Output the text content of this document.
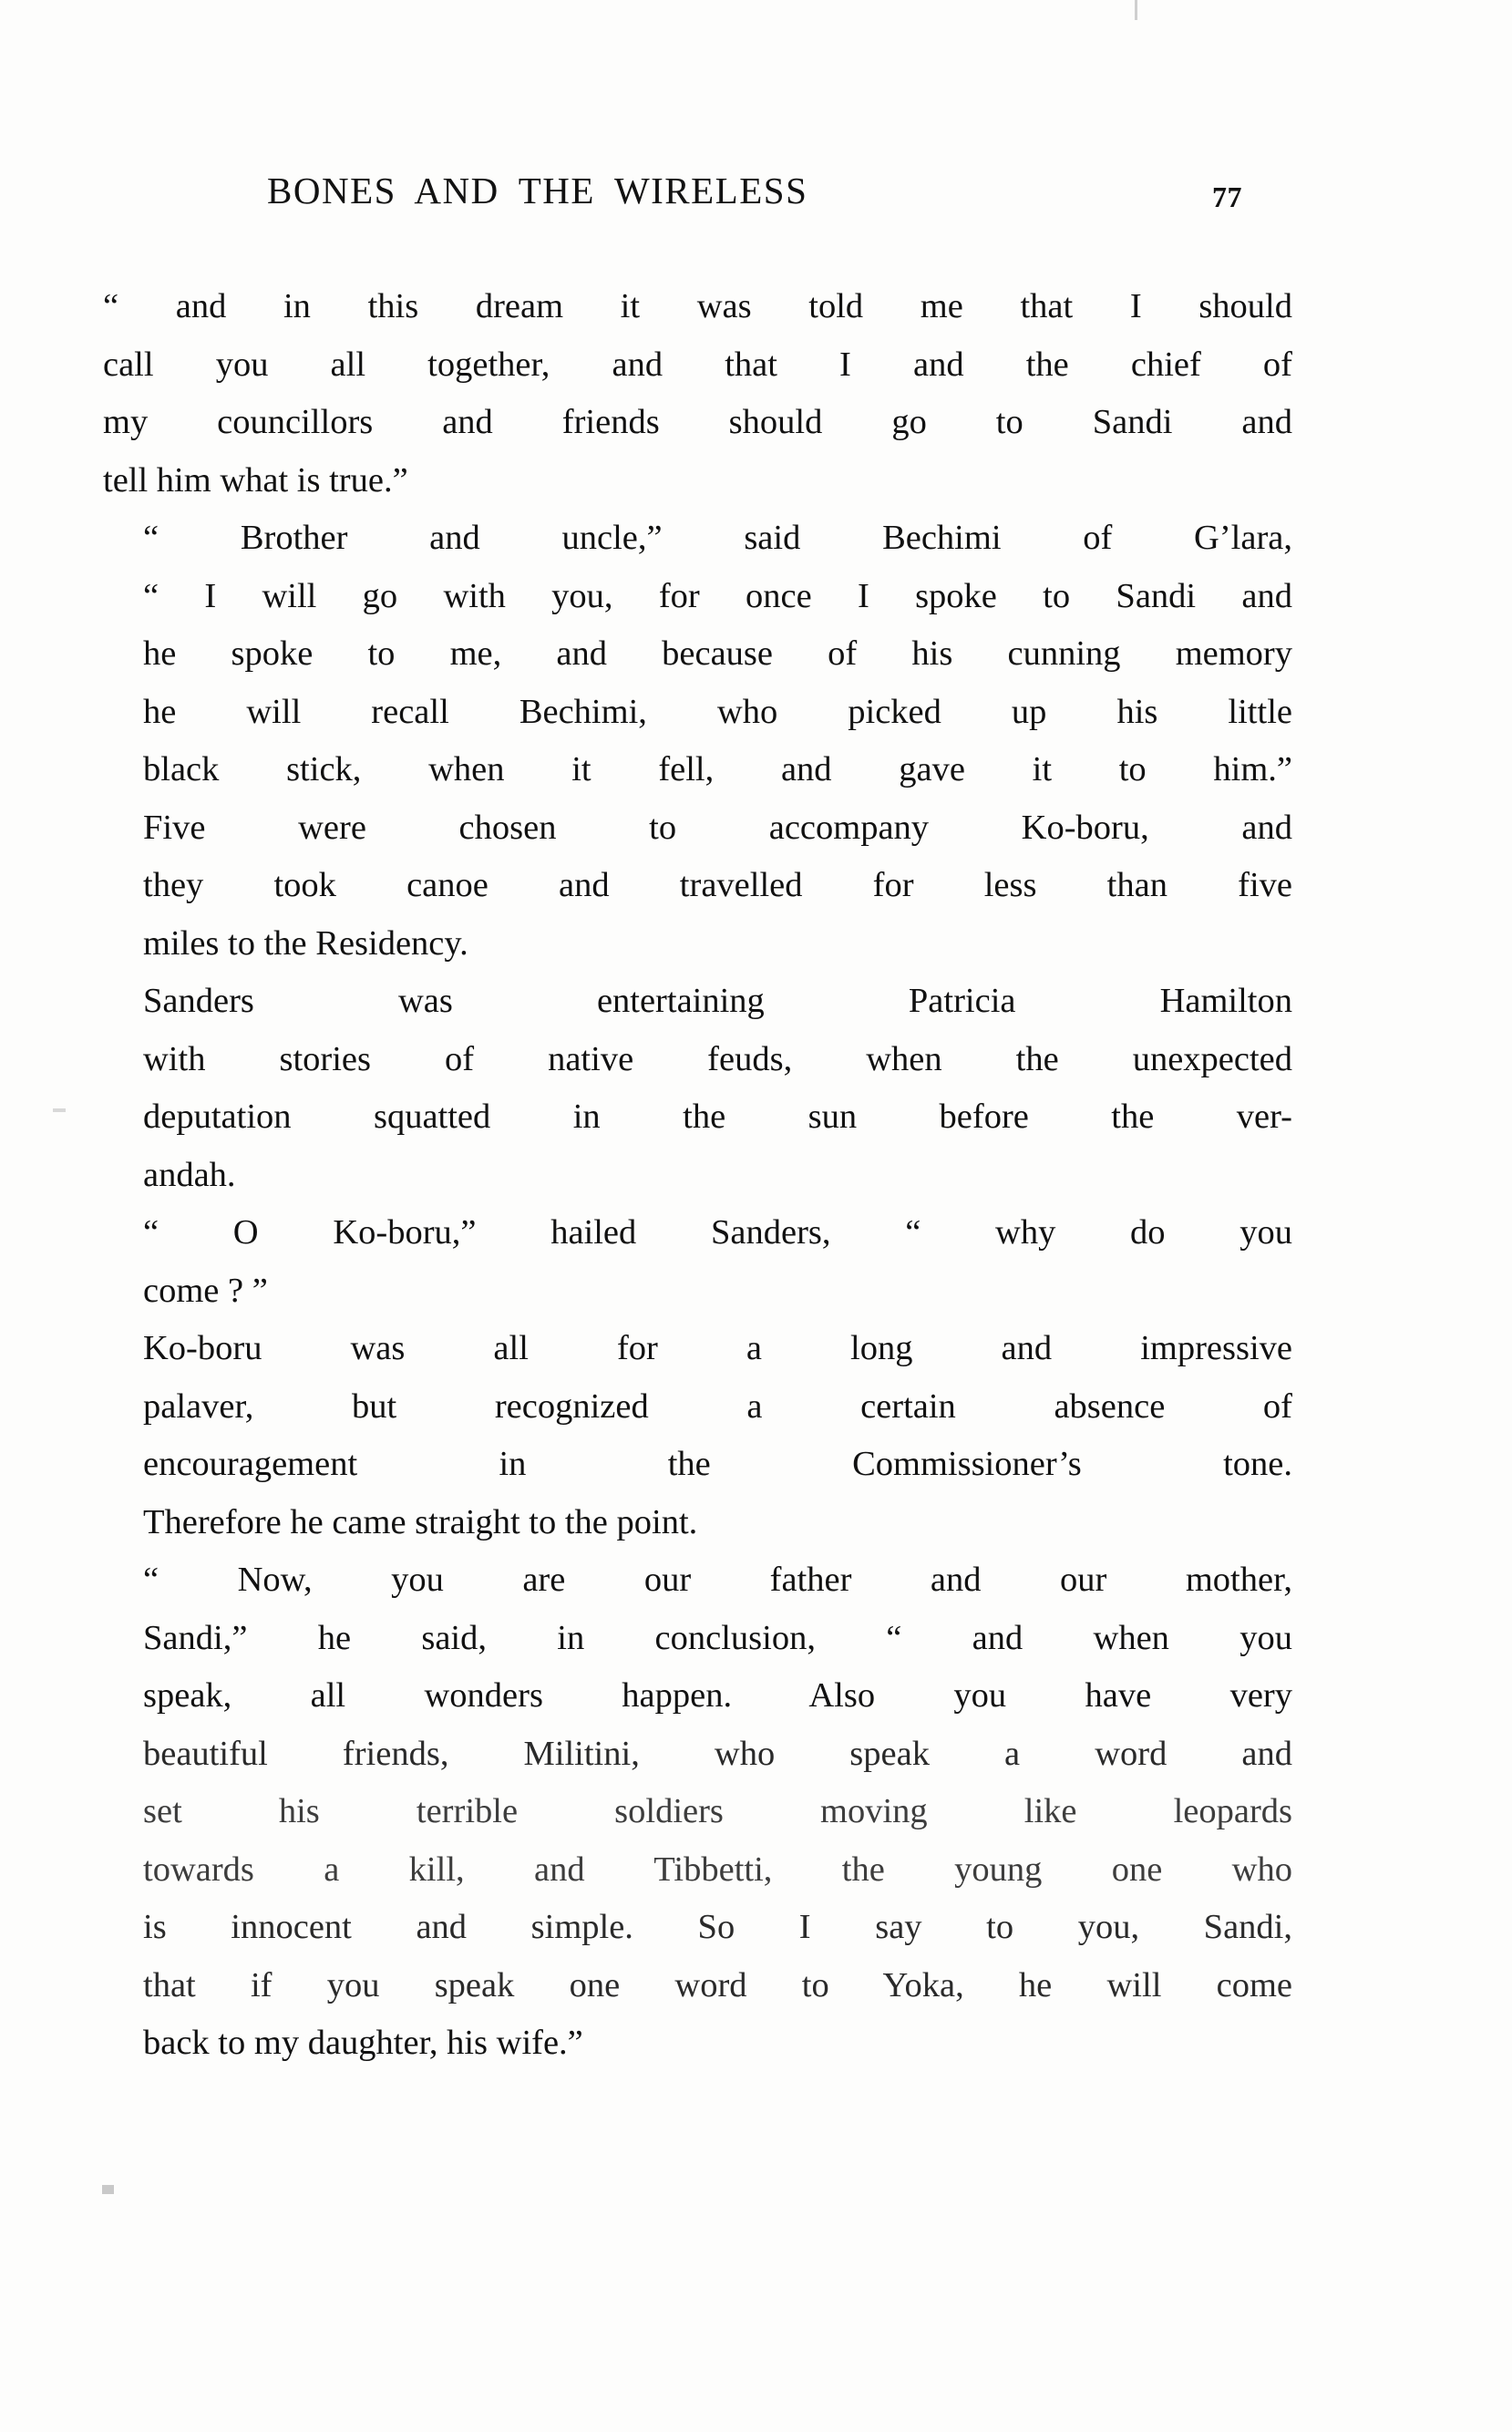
BONES AND THE WIRELESS	77

“ and in this dream it was told me that I should
call you all together, and that I and the chief of
my councillors and friends should go to Sandi and
tell him what is true.”

“ Brother and uncle,” said Bechimi of G’lara,
“ I will go with you, for once I spoke to Sandi and
he spoke to me, and because of his cunning memory
he will recall Bechimi, who picked up his little
black stick, when it fell, and gave it to him.”

Five were chosen to accompany Ko-boru, and
they took canoe and travelled for less than five
miles to the Residency.

Sanders was entertaining Patricia Hamilton
with stories of native feuds, when the unexpected
deputation squatted in the sun before the ver-
andah.

“ O Ko-boru,” hailed Sanders, “ why do you
come ? ”

Ko-boru was all for a long and impressive
palaver, but recognized a certain absence of
encouragement in the Commissioner’s tone.
Therefore he came straight to the point.

“ Now, you are our father and our mother,
Sandi,” he said, in conclusion, “ and when you
speak, all wonders happen. Also you have very
beautiful friends, Militini, who speak a word and
set his terrible soldiers moving like leopards
towards a kill, and Tibbetti, the young one who
is innocent and simple. So I say to you, Sandi,
that if you speak one word to Yoka, he will come
back to my daughter, his wife.”
